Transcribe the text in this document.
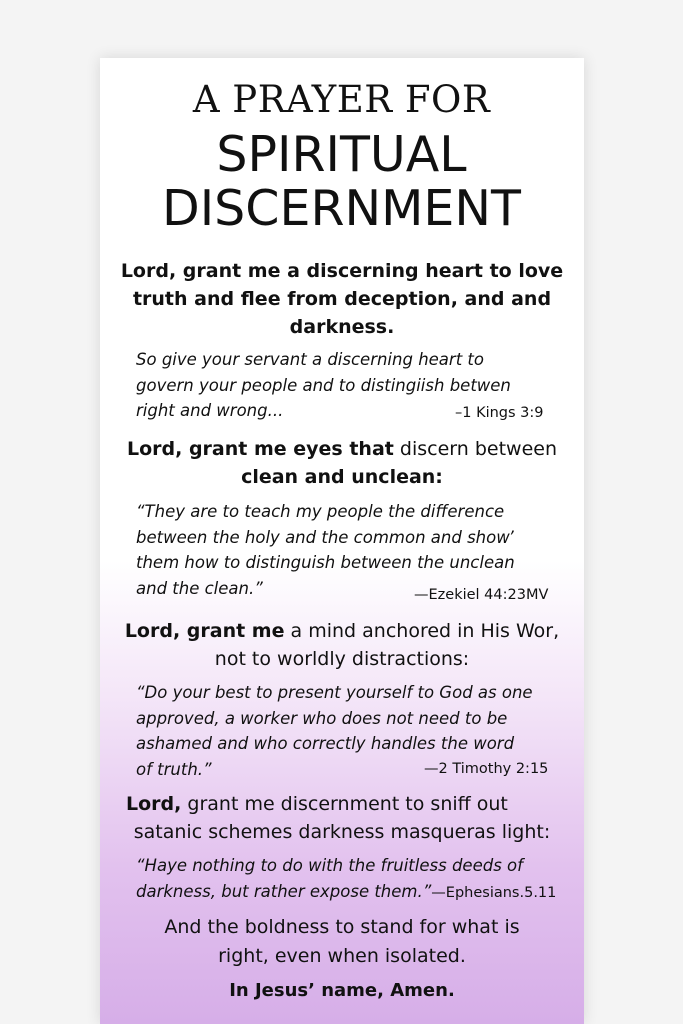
A PRAYER FOR
SPIRITUAL
DISCERNMENT
Lord, grant me a discerning heart to love
truth and flee from deception, and and
darkness.
So give your servant a discerning heart to
govern your people and to distingiish betwen
right and wrong...	–1 Kings 3:9
Lord, grant me eyes that discern between
clean and unclean:
“They are to teach my people the difference
between the holy and the common and showʼ
them how to distinguish between the unclean
and the clean.”	—Ezekiel 44:23MV
Lord, grant me a mind anchored in His Wor,
not to worldly distractions:
“Do your best to present yourself to God as one
approved, a worker who does not need to be
ashamed and who correctly handles the word
of truth.”	—2 Timothy 2:15
Lord, grant me discernment to sniff out
satanic schemes darkness masqueras light:
“Haye nothing to do with the fruitless deeds of
darkness, but rather expose them.”—Ephesians.5.11
And the boldness to stand for what is
right, even when isolated.
In Jesus’ name, Amen.
